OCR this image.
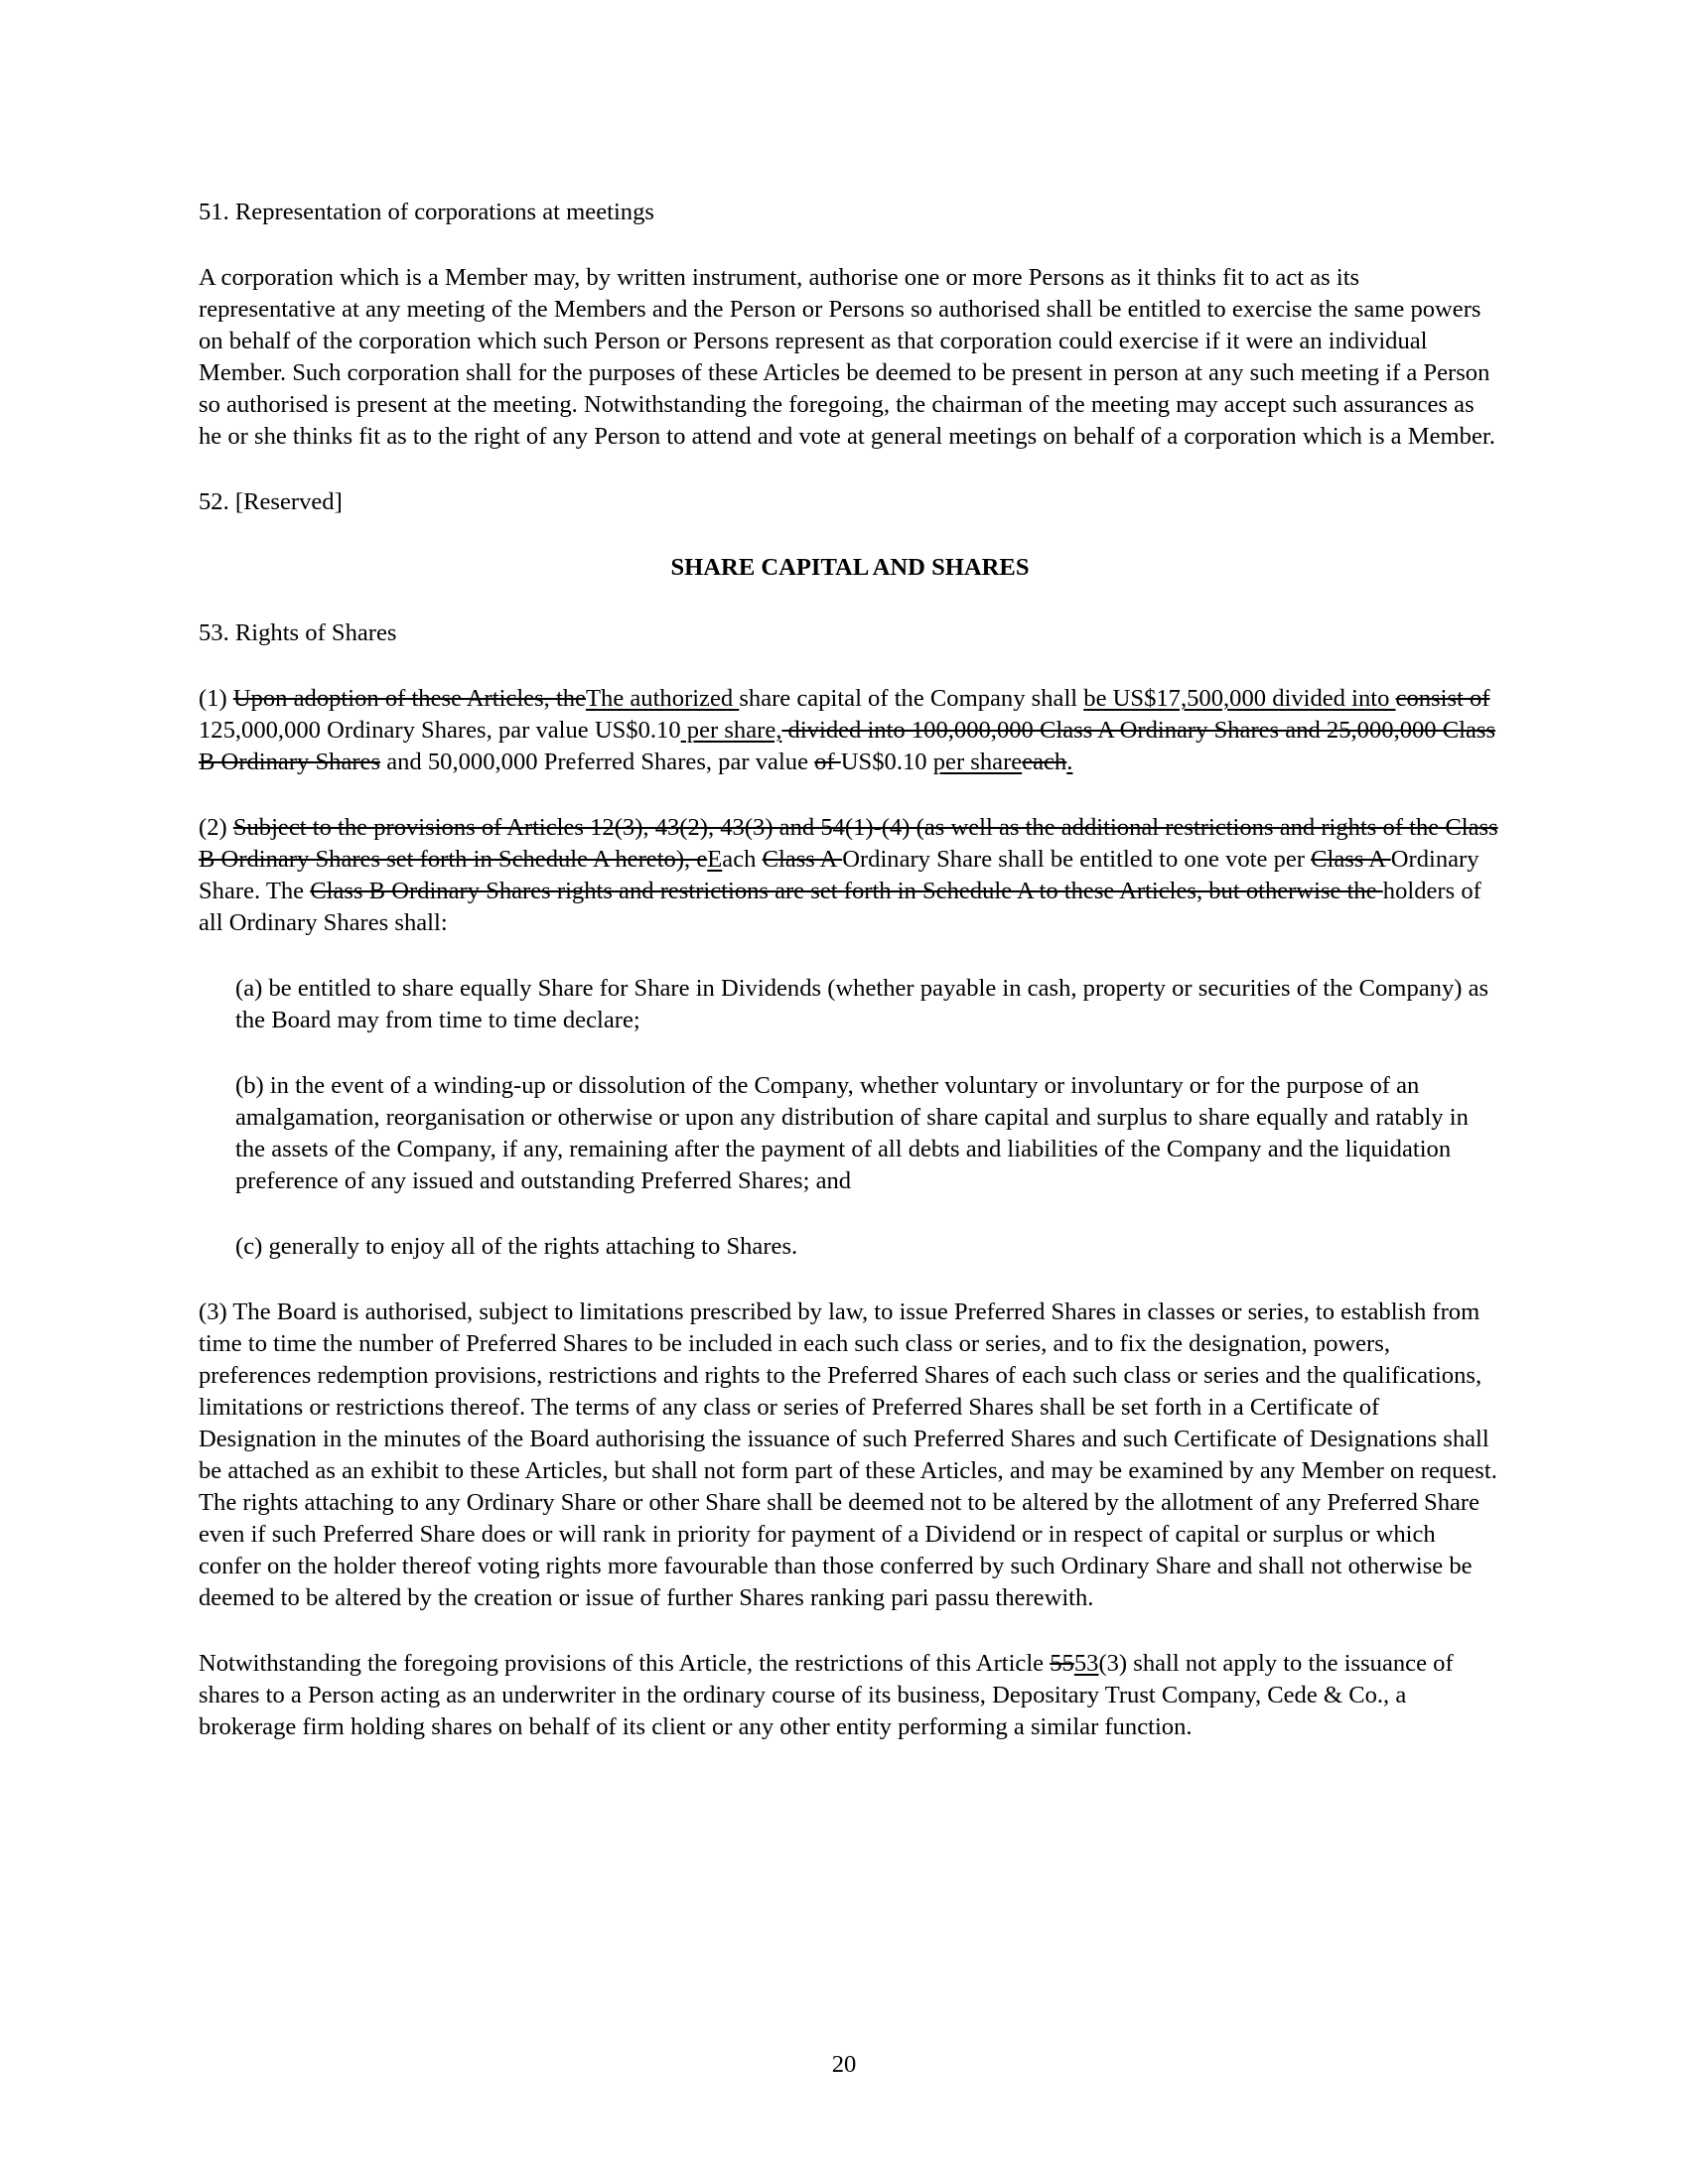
51. Representation of corporations at meetings

A corporation which is a Member may, by written instrument, authorise one or more Persons as it thinks fit to act as its representative at any meeting of the Members and the Person or Persons so authorised shall be entitled to exercise the same powers on behalf of the corporation which such Person or Persons represent as that corporation could exercise if it were an individual Member. Such corporation shall for the purposes of these Articles be deemed to be present in person at any such meeting if a Person so authorised is present at the meeting. Notwithstanding the foregoing, the chairman of the meeting may accept such assurances as he or she thinks fit as to the right of any Person to attend and vote at general meetings on behalf of a corporation which is a Member.

52. [Reserved]

SHARE CAPITAL AND SHARES

53. Rights of Shares

(1) Upon adoption of these Articles, theThe authorized share capital of the Company shall be US$17,500,000 divided into consist of 125,000,000 Ordinary Shares, par value US$0.10 per share, divided into 100,000,000 Class A Ordinary Shares and 25,000,000 Class B Ordinary Shares and 50,000,000 Preferred Shares, par value of US$0.10 per shareeach.

(2) Subject to the provisions of Articles 12(3), 43(2), 43(3) and 54(1)-(4) (as well as the additional restrictions and rights of the Class B Ordinary Shares set forth in Schedule A hereto), eEach Class A Ordinary Share shall be entitled to one vote per Class A Ordinary Share. The Class B Ordinary Shares rights and restrictions are set forth in Schedule A to these Articles, but otherwise the holders of all Ordinary Shares shall:

(a) be entitled to share equally Share for Share in Dividends (whether payable in cash, property or securities of the Company) as the Board may from time to time declare;

(b) in the event of a winding-up or dissolution of the Company, whether voluntary or involuntary or for the purpose of an amalgamation, reorganisation or otherwise or upon any distribution of share capital and surplus to share equally and ratably in the assets of the Company, if any, remaining after the payment of all debts and liabilities of the Company and the liquidation preference of any issued and outstanding Preferred Shares; and

(c) generally to enjoy all of the rights attaching to Shares.

(3) The Board is authorised, subject to limitations prescribed by law, to issue Preferred Shares in classes or series, to establish from time to time the number of Preferred Shares to be included in each such class or series, and to fix the designation, powers, preferences redemption provisions, restrictions and rights to the Preferred Shares of each such class or series and the qualifications, limitations or restrictions thereof. The terms of any class or series of Preferred Shares shall be set forth in a Certificate of Designation in the minutes of the Board authorising the issuance of such Preferred Shares and such Certificate of Designations shall be attached as an exhibit to these Articles, but shall not form part of these Articles, and may be examined by any Member on request. The rights attaching to any Ordinary Share or other Share shall be deemed not to be altered by the allotment of any Preferred Share even if such Preferred Share does or will rank in priority for payment of a Dividend or in respect of capital or surplus or which confer on the holder thereof voting rights more favourable than those conferred by such Ordinary Share and shall not otherwise be deemed to be altered by the creation or issue of further Shares ranking pari passu therewith.

Notwithstanding the foregoing provisions of this Article, the restrictions of this Article 5553(3) shall not apply to the issuance of shares to a Person acting as an underwriter in the ordinary course of its business, Depositary Trust Company, Cede & Co., a brokerage firm holding shares on behalf of its client or any other entity performing a similar function.

20
